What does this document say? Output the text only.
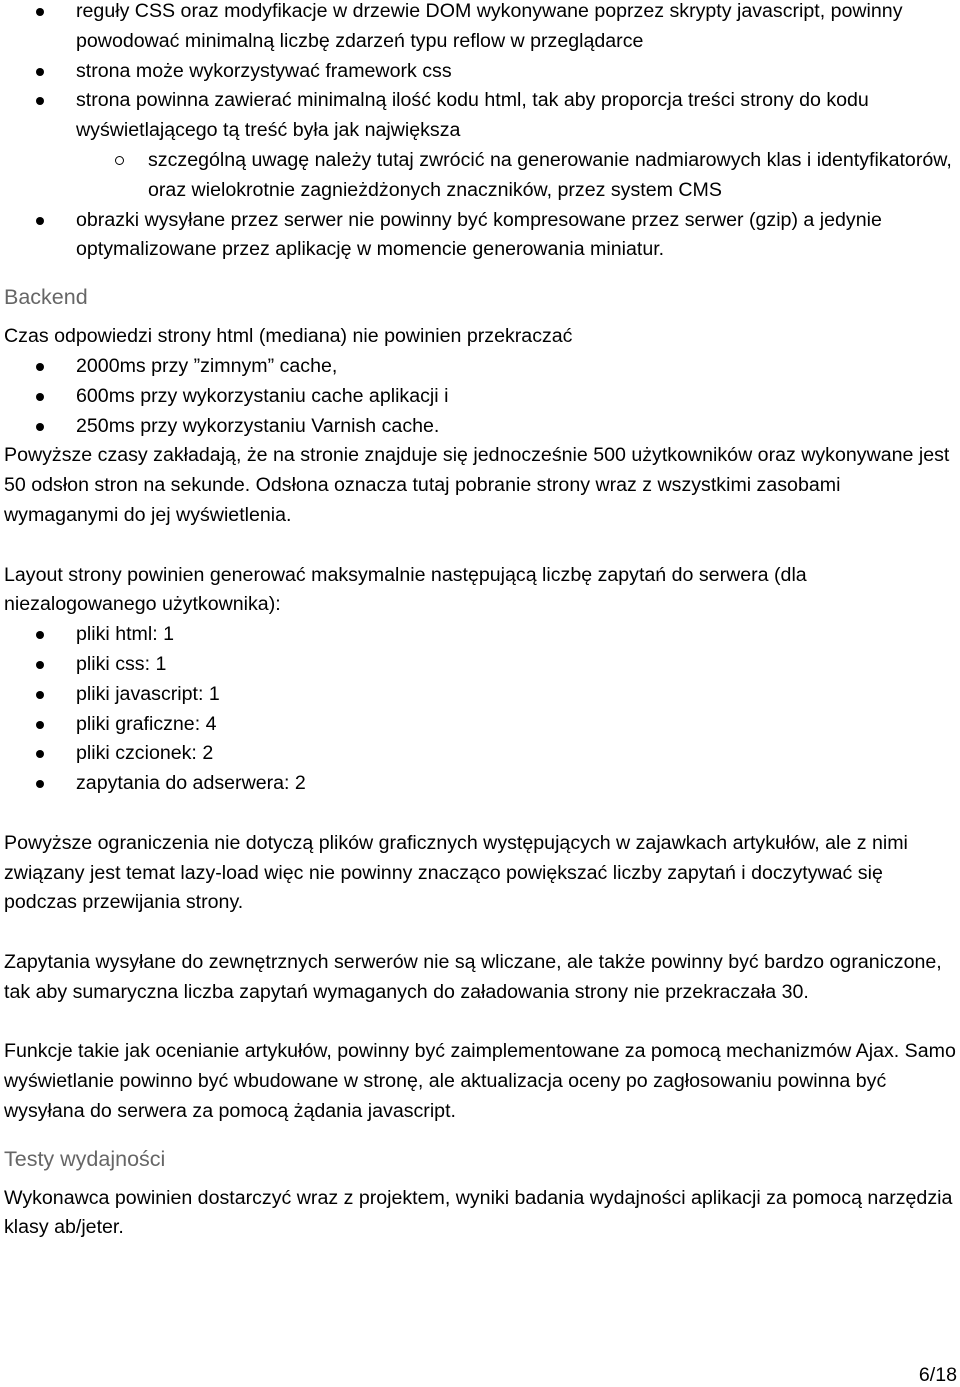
reguły CSS oraz modyfikacje w drzewie DOM wykonywane poprzez skrypty javascript, powinny powodować minimalną liczbę zdarzeń typu reflow w przeglądarce
strona może wykorzystywać framework css
strona powinna zawierać minimalną ilość kodu html, tak aby proporcja treści strony do kodu wyświetlającego tą treść była jak największa
szczególną uwagę należy tutaj zwrócić na generowanie nadmiarowych klas i identyfikatorów, oraz wielokrotnie zagnieżdżonych znaczników, przez system CMS
obrazki wysyłane przez serwer nie powinny być kompresowane przez serwer (gzip) a jedynie optymalizowane przez aplikację w momencie generowania miniatur.
Backend

Czas odpowiedzi strony html (mediana) nie powinien przekraczać

2000ms przy ”zimnym” cache,
600ms przy wykorzystaniu cache aplikacji i
250ms przy wykorzystaniu Varnish cache.

Powyższe czasy zakładają, że na stronie znajduje się jednocześnie 500 użytkowników oraz wykonywane jest 50 odsłon stron na sekunde. Odsłona oznacza tutaj pobranie strony wraz z wszystkimi zasobami wymaganymi do jej wyświetlenia.

Layout strony powinien generować maksymalnie następującą liczbę zapytań do serwera (dla niezalogowanego użytkownika):

pliki html: 1
pliki css: 1
pliki javascript: 1
pliki graficzne: 4
pliki czcionek: 2
zapytania do adserwera: 2

Powyższe ograniczenia nie dotyczą plików graficznych występujących w zajawkach artykułów, ale z nimi związany jest temat lazy-load więc nie powinny znacząco powiększać liczby zapytań i doczytywać się podczas przewijania strony.

Zapytania wysyłane do zewnętrznych serwerów nie są wliczane, ale także powinny być bardzo ograniczone, tak aby sumaryczna liczba zapytań wymaganych do załadowania strony nie przekraczała 30.

Funkcje takie jak ocenianie artykułów, powinny być zaimplementowane za pomocą mechanizmów Ajax. Samo wyświetlanie powinno być wbudowane w stronę, ale aktualizacja oceny po zagłosowaniu powinna być wysyłana do serwera za pomocą żądania javascript.

Testy wydajności

Wykonawca powinien dostarczyć wraz z projektem, wyniki badania wydajności aplikacji za pomocą narzędzia klasy ab/jeter.

6/18
